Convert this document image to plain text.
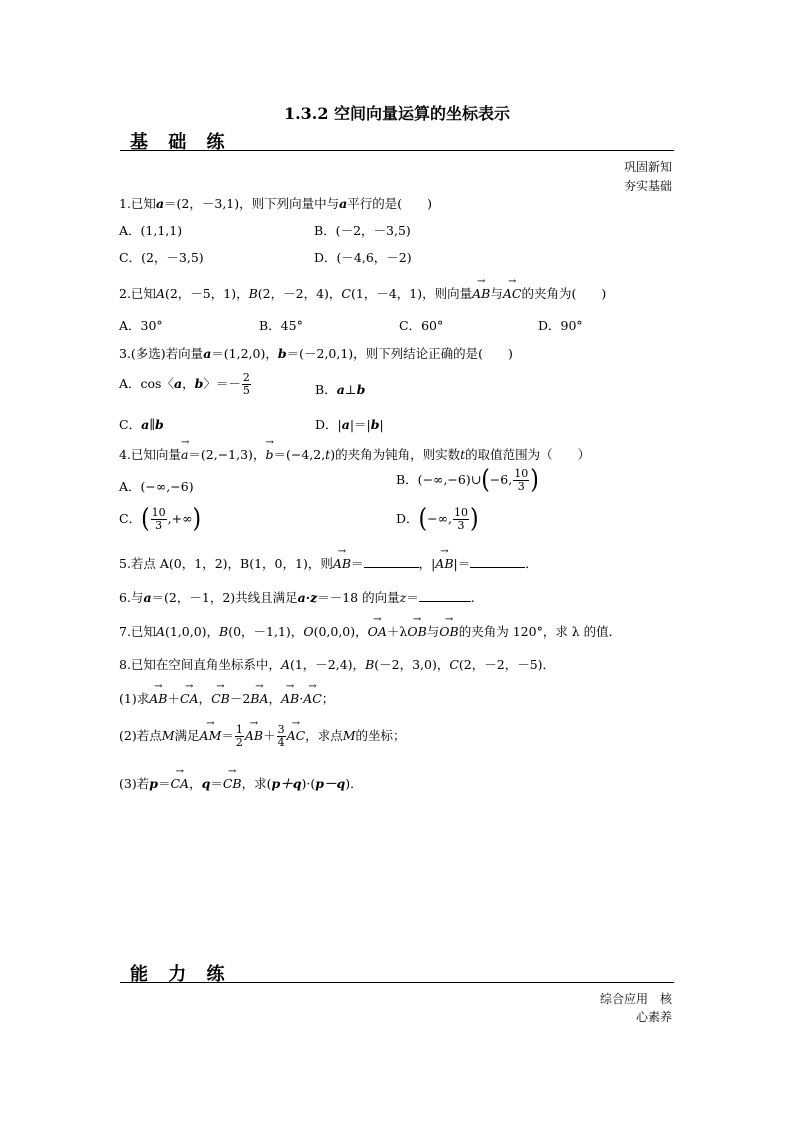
1.3.2 空间向量运算的坐标表示
基 础 练
巩固新知
夯实基础
1.已知a＝(2，－3,1)，则下列向量中与a平行的是(　　)
A．(1,1,1)	B．(－2，－3,5)
C．(2，－3,5)	D．(－4,6，－2)
2.已知A(2，－5，1)，B(2，－2，4)，C(1，－4，1)，则向量→ AB与→ AC的夹角为(　　)
A．30°	B．45°	C．60°	D．90°
3.(多选)若向量a＝(1,2,0)，b＝(－2,0,1)，则下列结论正确的是(　　)
A．cos〈a，b〉＝－ $\frac{2}{5}$	B．a⊥b
C．a∥b	D．|a|＝|b|
4.已知向量→ a＝(2,−1,3)，→ b＝(−4,2,t)的夹角为钝角，则实数t的取值范围为（　　）
A．(−∞,−6)	B．(−∞,−6)∪(−6, $\frac{10}{3}$ )
C．( $\frac{10}{3}$ ,+∞)	D．(−∞, $\frac{10}{3}$ )
5.若点 A(0，1，2)，B(1，0，1)，则→ AB＝	，|→ AB|＝	．
6.与a＝(2，－1，2)共线且满足a·z＝－18 的向量z＝	.
7.已知A(1,0,0)，B(0，－1,1)，O(0,0,0)，→ OA＋λ→ OB与→ OB的夹角为 120°，求 λ 的值．
8.已知在空间直角坐标系中，A(1，－2,4)，B(－2，3,0)，C(2，－2，－5)．
(1)求→ AB＋→ CA，→ CB－2→ BA，→ AB·→ AC；
(2)若点M满足→ $AM= \frac{1}{2}$
→ $AB+ \frac{3}{4}$
→ AC，求点M的坐标；
(3)若p＝→ CA，q＝→ CB，求(p＋q)·(p－q)．
能 力 练
综合应用　核
心素养
